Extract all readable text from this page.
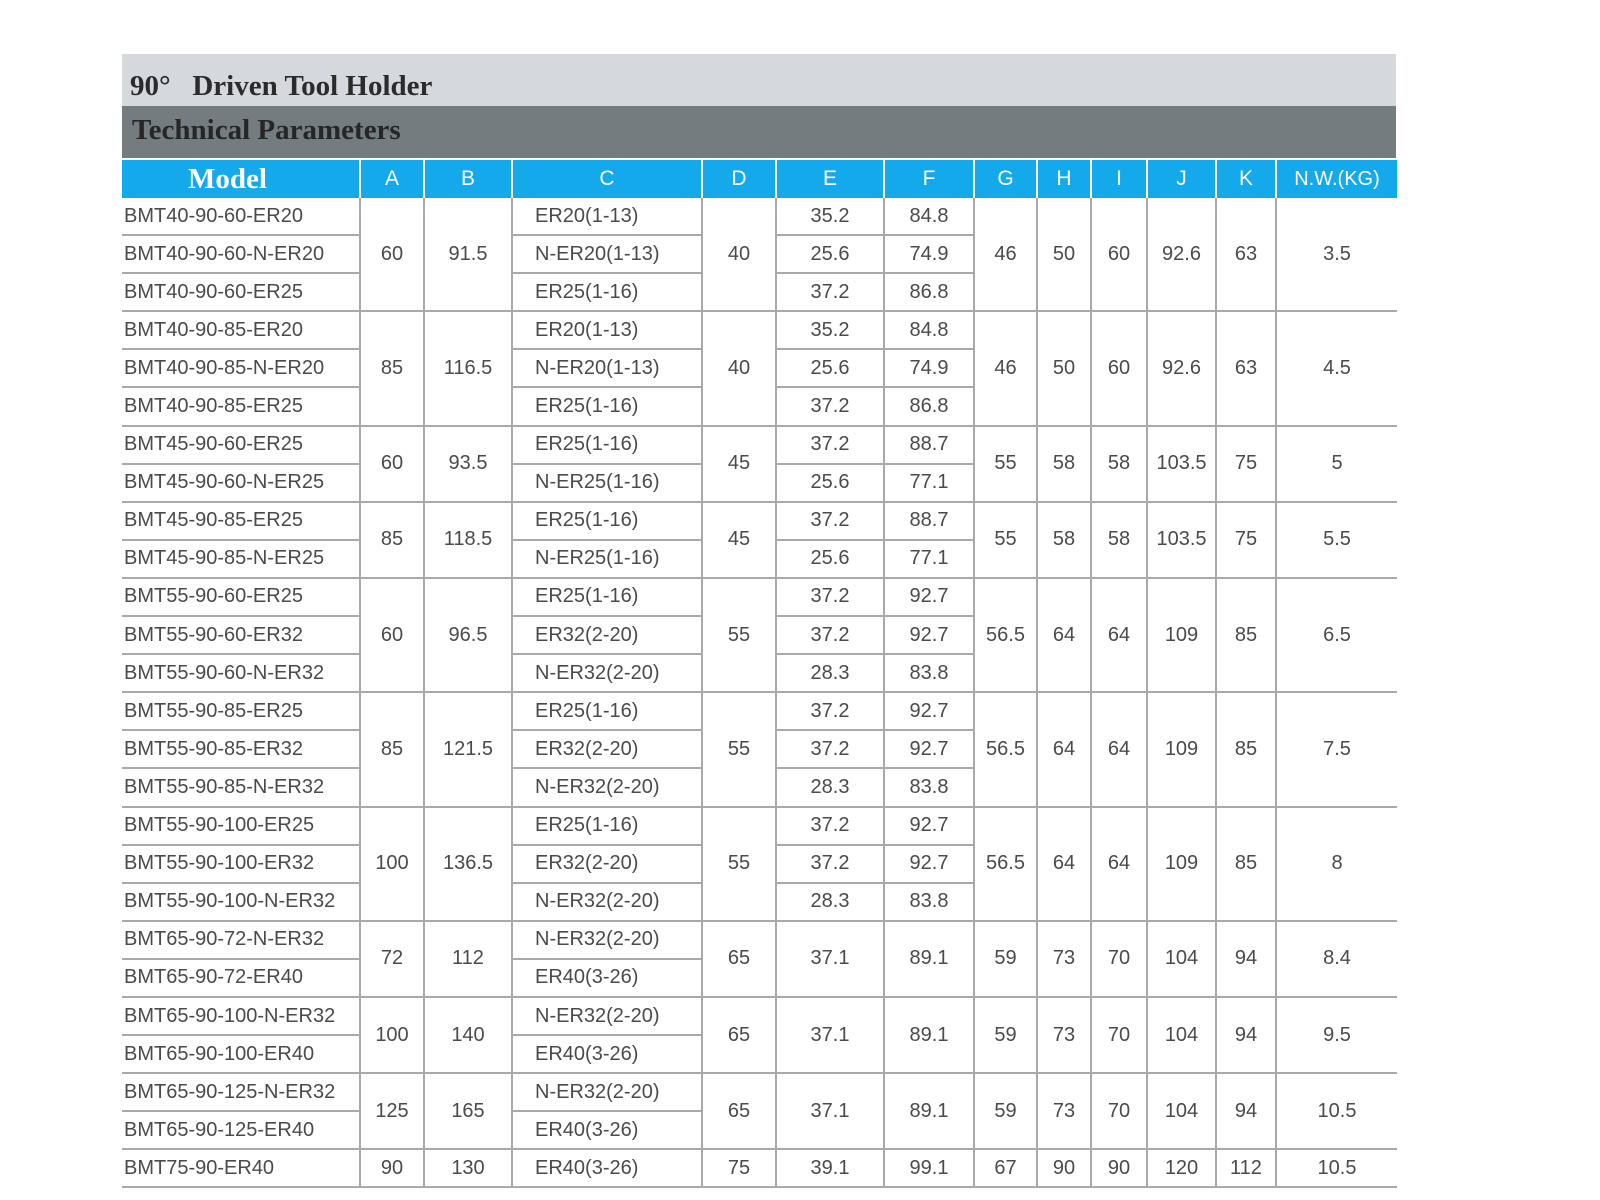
90°   Driven Tool Holder
Technical Parameters
Model	A	B	C	D	E	F	G	H	I	J	K	N.W.(KG)
BMT40-90-60-ER20	60	91.5	ER20(1-13)	40	35.2	84.8	46	50	60	92.6	63	3.5
BMT40-90-60-N-ER20			N-ER20(1-13)		25.6	74.9						
BMT40-90-60-ER25			ER25(1-16)		37.2	86.8						
BMT40-90-85-ER20	85	116.5	ER20(1-13)	40	35.2	84.8	46	50	60	92.6	63	4.5
BMT40-90-85-N-ER20			N-ER20(1-13)		25.6	74.9						
BMT40-90-85-ER25			ER25(1-16)		37.2	86.8						
BMT45-90-60-ER25	60	93.5	ER25(1-16)	45	37.2	88.7	55	58	58	103.5	75	5
BMT45-90-60-N-ER25			N-ER25(1-16)		25.6	77.1						
BMT45-90-85-ER25	85	118.5	ER25(1-16)	45	37.2	88.7	55	58	58	103.5	75	5.5
BMT45-90-85-N-ER25			N-ER25(1-16)		25.6	77.1						
BMT55-90-60-ER25	60	96.5	ER25(1-16)	55	37.2	92.7	56.5	64	64	109	85	6.5
BMT55-90-60-ER32			ER32(2-20)		37.2	92.7						
BMT55-90-60-N-ER32			N-ER32(2-20)		28.3	83.8						
BMT55-90-85-ER25	85	121.5	ER25(1-16)	55	37.2	92.7	56.5	64	64	109	85	7.5
BMT55-90-85-ER32			ER32(2-20)		37.2	92.7						
BMT55-90-85-N-ER32			N-ER32(2-20)		28.3	83.8						
BMT55-90-100-ER25	100	136.5	ER25(1-16)	55	37.2	92.7	56.5	64	64	109	85	8
BMT55-90-100-ER32			ER32(2-20)		37.2	92.7						
BMT55-90-100-N-ER32			N-ER32(2-20)		28.3	83.8						
BMT65-90-72-N-ER32	72	112	N-ER32(2-20)	65	37.1	89.1	59	73	70	104	94	8.4
BMT65-90-72-ER40			ER40(3-26)									
BMT65-90-100-N-ER32	100	140	N-ER32(2-20)	65	37.1	89.1	59	73	70	104	94	9.5
BMT65-90-100-ER40			ER40(3-26)									
BMT65-90-125-N-ER32	125	165	N-ER32(2-20)	65	37.1	89.1	59	73	70	104	94	10.5
BMT65-90-125-ER40			ER40(3-26)									
BMT75-90-ER40	90	130	ER40(3-26)	75	39.1	99.1	67	90	90	120	112	10.5
